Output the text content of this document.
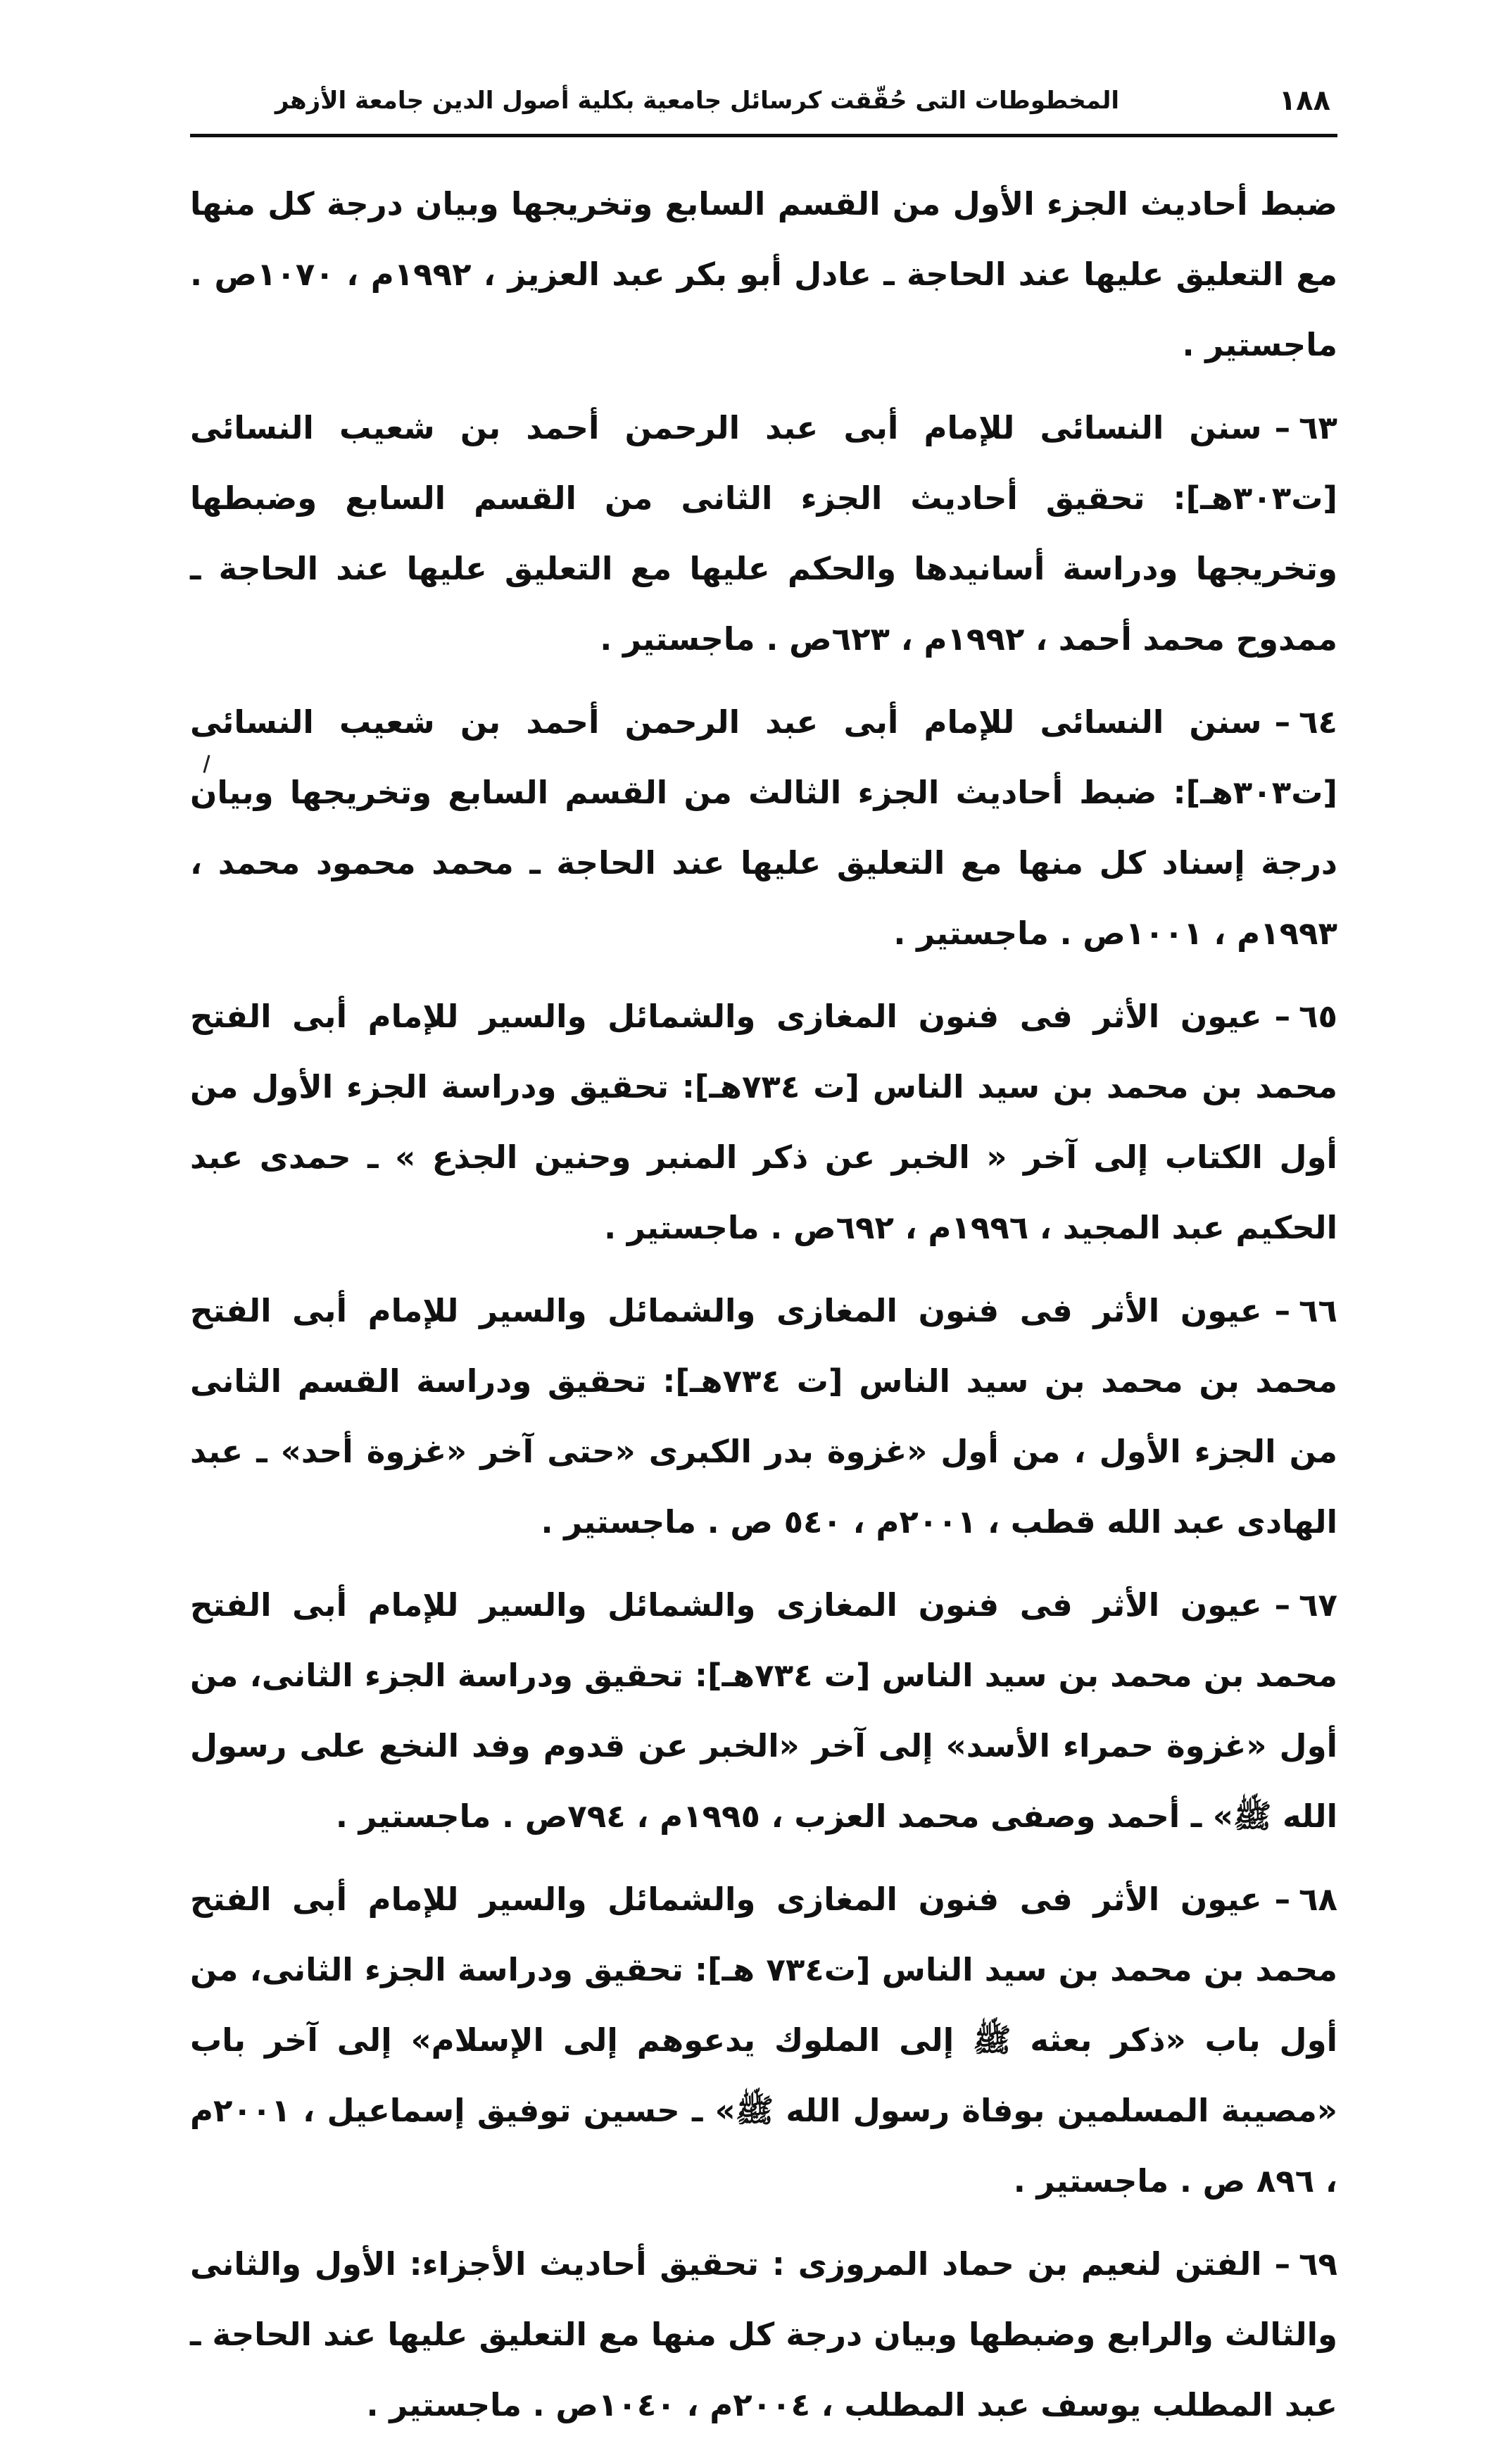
١٨٨
المخطوطات التى حُقّقت كرسائل جامعية بكلية أصول الدين جامعة الأزهر

ضبط أحاديث الجزء الأول من القسم السابع وتخريجها وبيان درجة كل منها مع التعليق عليها عند الحاجة ـ عادل أبو بكر عبد العزيز ، ١٩٩٢م ، ١٠٧٠ص . ماجستير .

٦٣–سنن النسائى للإمام أبى عبد الرحمن أحمد بن شعيب النسائى [ت٣٠٣هـ]: تحقيق أحاديث الجزء الثانى من القسم السابع وضبطها وتخريجها ودراسة أسانيدها والحكم عليها مع التعليق عليها عند الحاجة ـ ممدوح محمد أحمد ، ١٩٩٢م ، ٦٢٣ص . ماجستير .

٦٤–سنن النسائى للإمام أبى عبد الرحمن أحمد بن شعيب النسائى [ت٣٠٣هـ]: ضبط أحاديث الجزء الثالث من القسم السابع وتخريجها وبيان درجة إسناد كل منها مع التعليق عليها عند الحاجة ـ محمد محمود محمد ، ١٩٩٣م ، ١٠٠١ص . ماجستير .

٦٥–عيون الأثر فى فنون المغازى والشمائل والسير للإمام أبى الفتح محمد بن محمد بن سيد الناس [ت ٧٣٤هـ]: تحقيق ودراسة الجزء الأول من أول الكتاب إلى آخر « الخبر عن ذكر المنبر وحنين الجذع » ـ حمدى عبد الحكيم عبد المجيد ، ١٩٩٦م ، ٦٩٢ص . ماجستير .

٦٦–عيون الأثر فى فنون المغازى والشمائل والسير للإمام أبى الفتح محمد بن محمد بن سيد الناس [ت ٧٣٤هـ]: تحقيق ودراسة القسم الثانى من الجزء الأول ، من أول «غزوة بدر الكبرى «حتى آخر «غزوة أحد» ـ عبد الهادى عبد الله قطب ، ٢٠٠١م ، ٥٤٠ ص . ماجستير .

٦٧–عيون الأثر فى فنون المغازى والشمائل والسير للإمام أبى الفتح محمد بن محمد بن سيد الناس [ت ٧٣٤هـ]: تحقيق ودراسة الجزء الثانى، من أول «غزوة حمراء الأسد» إلى آخر «الخبر عن قدوم وفد النخع على رسول الله ﷺ» ـ أحمد وصفى محمد العزب ، ١٩٩٥م ، ٧٩٤ص . ماجستير .

٦٨–عيون الأثر فى فنون المغازى والشمائل والسير للإمام أبى الفتح محمد بن محمد بن سيد الناس [ت٧٣٤ هـ]: تحقيق ودراسة الجزء الثانى، من أول باب «ذكر بعثه ﷺ إلى الملوك يدعوهم إلى الإسلام» إلى آخر باب «مصيبة المسلمين بوفاة رسول الله ﷺ» ـ حسين توفيق إسماعيل ، ٢٠٠١م ، ٨٩٦ ص . ماجستير .

٦٩–الفتن لنعيم بن حماد المروزى : تحقيق أحاديث الأجزاء: الأول والثانى والثالث والرابع وضبطها وبيان درجة كل منها مع التعليق عليها عند الحاجة ـ عبد المطلب يوسف عبد المطلب ، ٢٠٠٤م ، ١٠٤٠ص . ماجستير .
